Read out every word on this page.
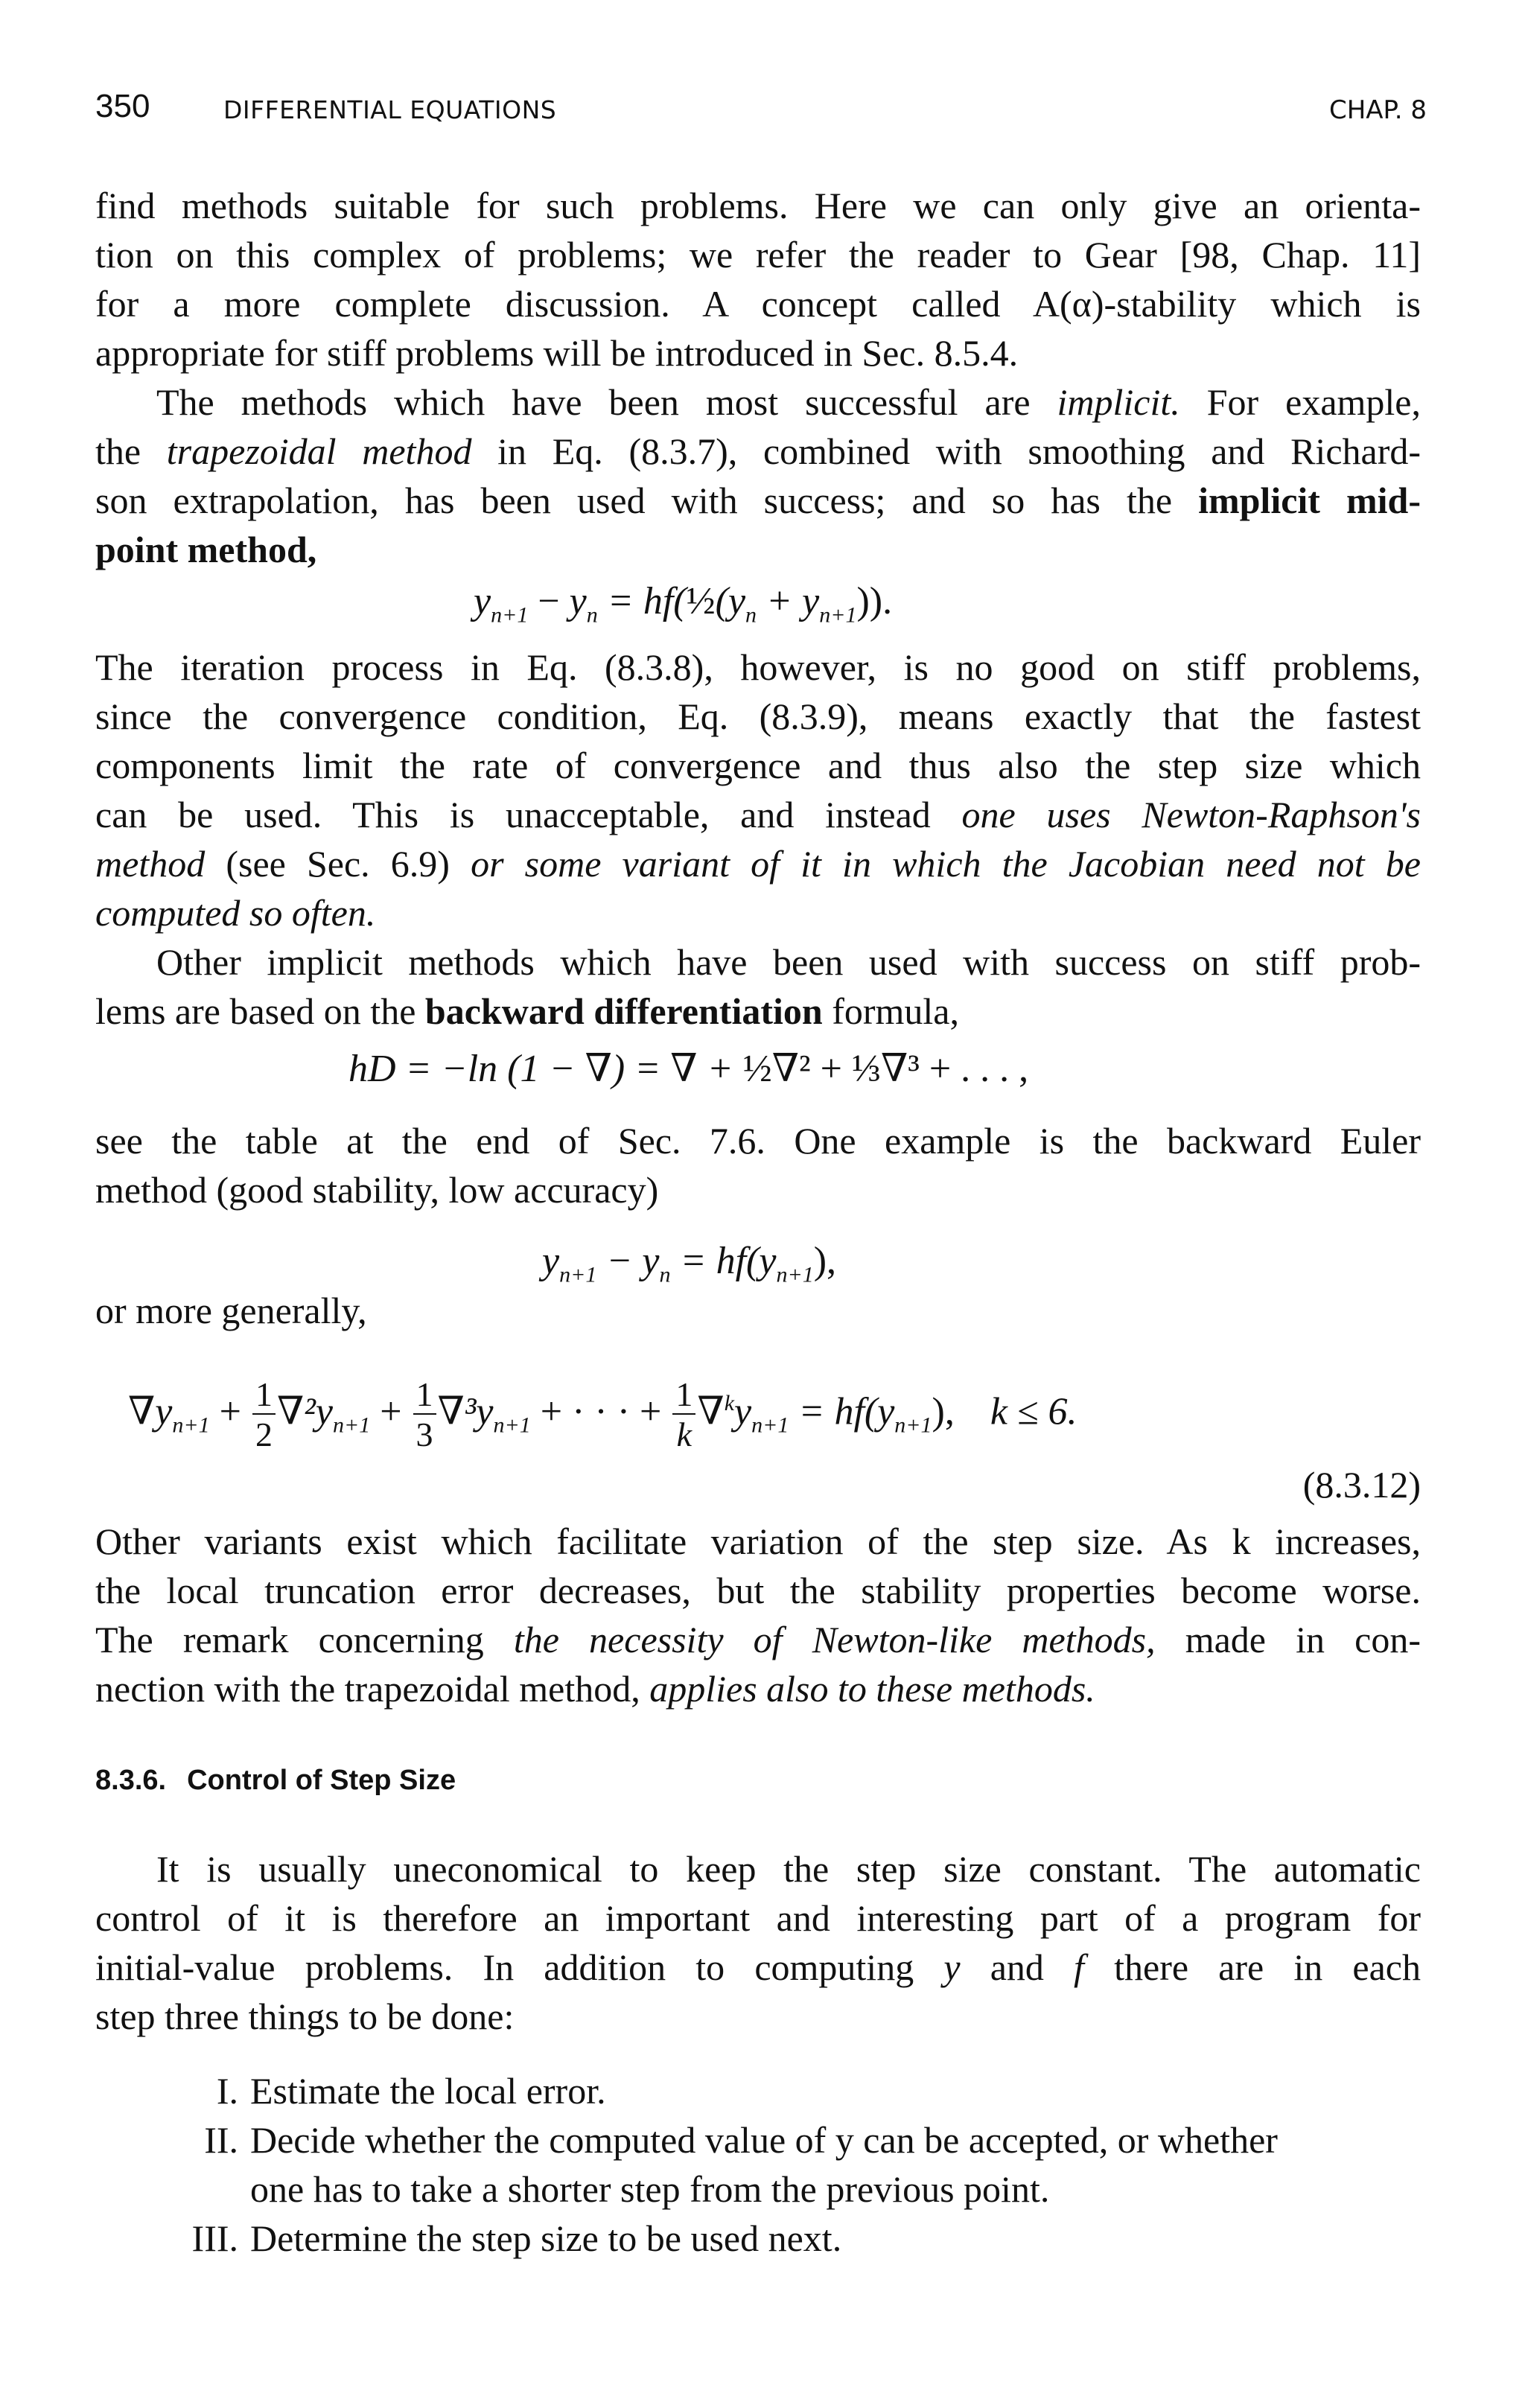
350	DIFFERENTIAL EQUATIONS	CHAP. 8
find methods suitable for such problems. Here we can only give an orienta-
tion on this complex of problems; we refer the reader to Gear [98, Chap. 11]
for a more complete discussion. A concept called A(α)-stability which is
appropriate for stiff problems will be introduced in Sec. 8.5.4.
The methods which have been most successful are implicit. For example,
the trapezoidal method in Eq. (8.3.7), combined with smoothing and Richard-
son extrapolation, has been used with success; and so has the implicit mid-
point method,
$y_{n+1} - y_n$ = $hf(\frac{1}{2}(y_n + y_{n+1}))$.
The iteration process in Eq. (8.3.8), however, is no good on stiff problems,
since the convergence condition, Eq. (8.3.9), means exactly that the fastest
components limit the rate of convergence and thus also the step size which
can be used. This is unacceptable, and instead one uses Newton-Raphson's
method (see Sec. 6.9) or some variant of it in which the Jacobian need not be
computed so often.
Other implicit methods which have been used with success on stiff prob-
lems are based on the backward differentiation formula,
hD = −ln (1 − ∇) = ∇ + ½∇² + ⅓∇³ + . . . ,
see the table at the end of Sec. 7.6. One example is the backward Euler
method (good stability, low accuracy)
$y_{n+1} - y_n = hf(y_{n+1})$,
or more generally,
$\nabla y_{n+1} + \frac{1}{2} \nabla^2y_{n+1} + \frac{1}{3} \nabla^3y_{n+1}$ + · · · + $\frac{1}{k} \nabla^ky_{n+1} = hf(y_{n+1})$, k ≤ 6.
(8.3.12)
Other variants exist which facilitate variation of the step size. As k increases,
the local truncation error decreases, but the stability properties become worse.
The remark concerning the necessity of Newton-like methods, made in con-
nection with the trapezoidal method, applies also to these methods.
8.3.6. Control of Step Size
It is usually uneconomical to keep the step size constant. The automatic
control of it is therefore an important and interesting part of a program for
initial-value problems. In addition to computing y and f there are in each
step three things to be done:
I. Estimate the local error.
II. Decide whether the computed value of y can be accepted, or whether
one has to take a shorter step from the previous point.
III. Determine the step size to be used next.
